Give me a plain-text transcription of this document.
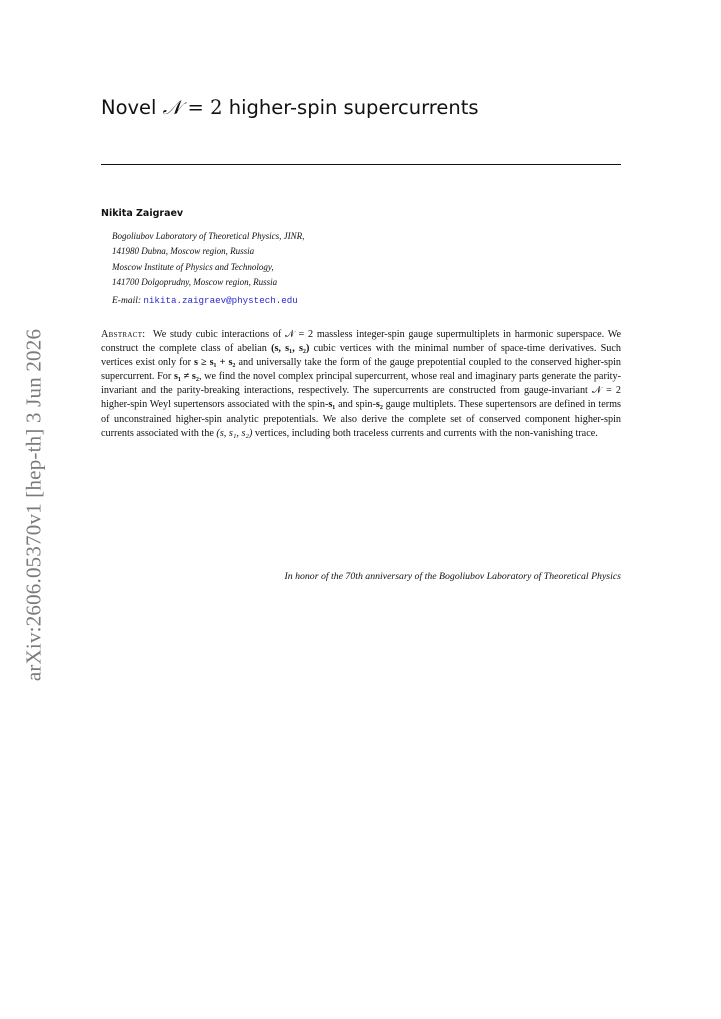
arXiv:2606.05370v1 [hep-th] 3 Jun 2026
Novel 𝒩 = 2 higher-spin supercurrents
Nikita Zaigraev
Bogoliubov Laboratory of Theoretical Physics, JINR,
141980 Dubna, Moscow region, Russia
Moscow Institute of Physics and Technology,
141700 Dolgoprudny, Moscow region, Russia
E-mail: nikita.zaigraev@phystech.edu
Abstract: We study cubic interactions of 𝒩 = 2 massless integer-spin gauge supermultiplets in harmonic superspace. We construct the complete class of abelian (s, s₁, s₂) cubic vertices with the minimal number of space-time derivatives. Such vertices exist only for s ≥ s₁ + s₂ and universally take the form of the gauge prepotential coupled to the conserved higher-spin supercurrent. For s₁ ≠ s₂, we find the novel complex principal supercurrent, whose real and imaginary parts generate the parity-invariant and the parity-breaking interactions, respectively. The supercurrents are constructed from gauge-invariant 𝒩 = 2 higher-spin Weyl supertensors associated with the spin-s₁ and spin-s₂ gauge multiplets. These supertensors are defined in terms of unconstrained higher-spin analytic prepotentials. We also derive the complete set of conserved component higher-spin currents associated with the (s, s₁, s₂) vertices, including both traceless currents and currents with the non-vanishing trace.
In honor of the 70th anniversary of the Bogoliubov Laboratory of Theoretical Physics
